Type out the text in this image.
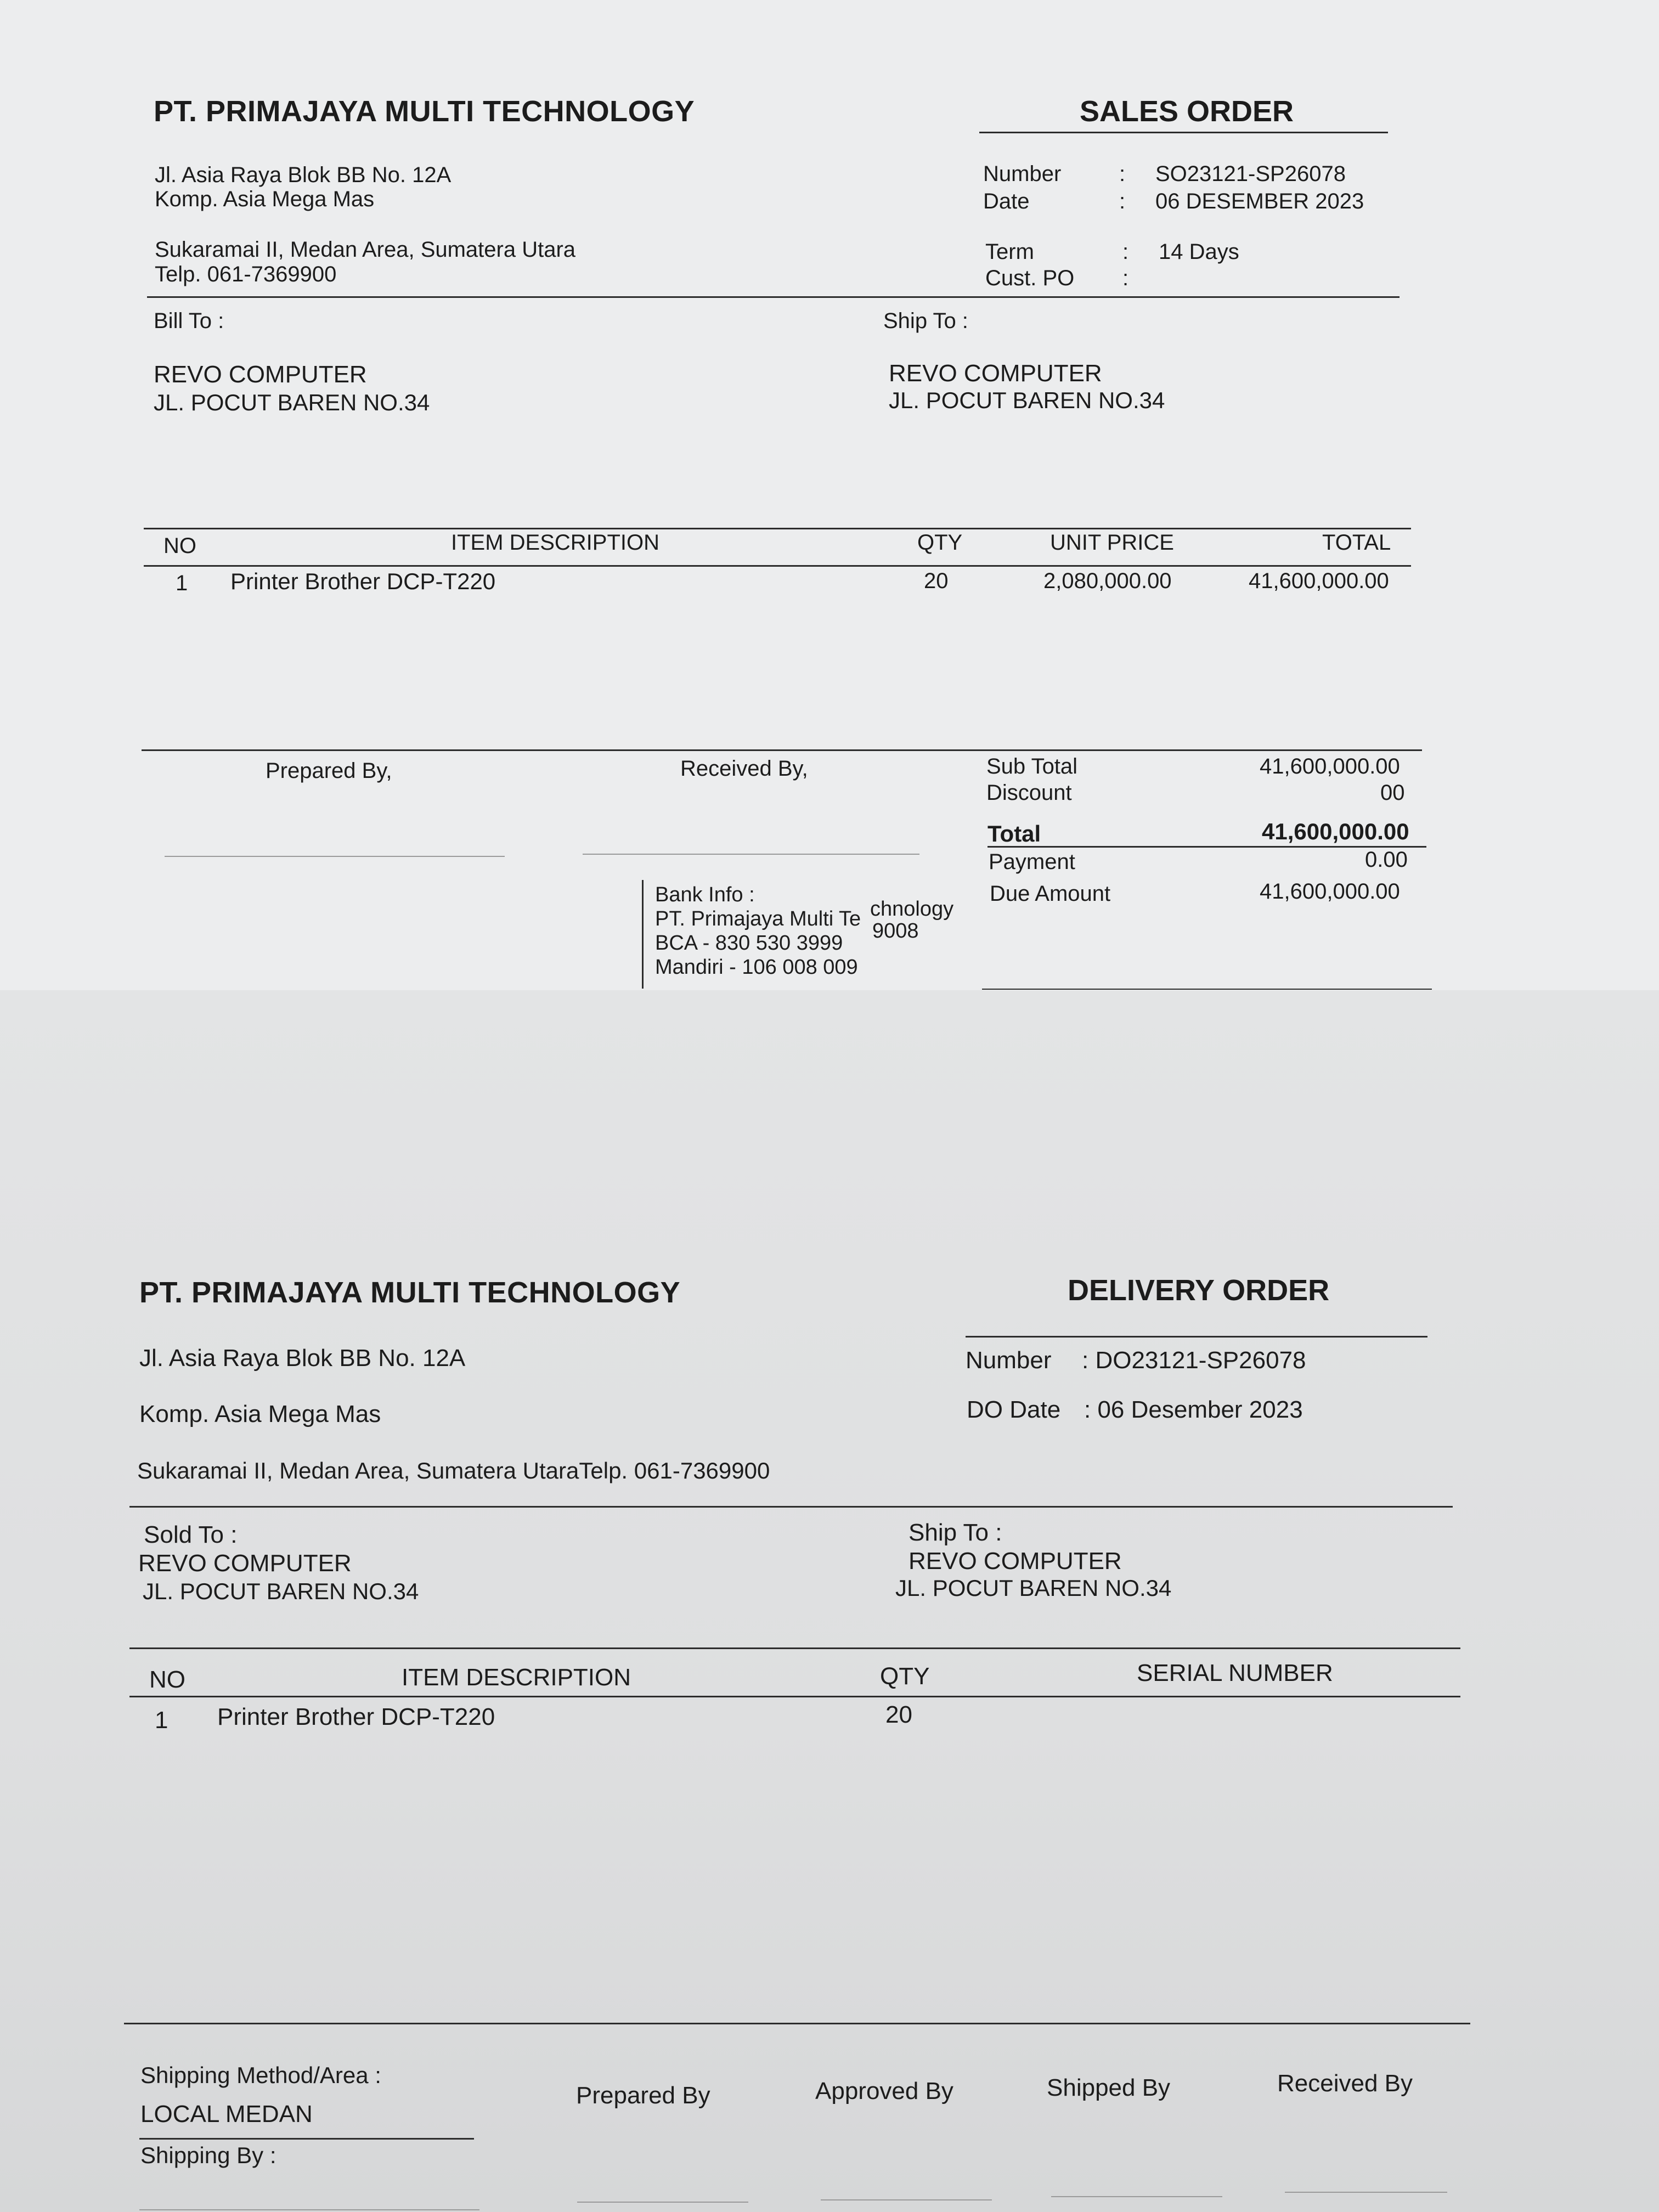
PT. PRIMAJAYA MULTI TECHNOLOGY	SALES ORDER
Jl. Asia Raya Blok BB No. 12A
Komp. Asia Mega Mas
Sukaramai II, Medan Area, Sumatera Utara
Telp. 061-7369900
Number	: SO23121-SP26078
Date	: 06 DESEMBER 2023
Term	: 14 Days
Cust. PO :
Bill To :
REVO COMPUTER
JL. POCUT BAREN NO.34
Ship To :
REVO COMPUTER
JL. POCUT BAREN NO.34
NO	ITEM DESCRIPTION	QTY	UNIT PRICE	TOTAL
1 Printer Brother DCP-T220	20	2,080,000.00	41,600,000.00
Prepared By,	Received By,	Sub Total	41,600,000.00
Discount	00
Total	41,600,000.00
Payment	0.00
Due Amount	41,600,000.00
Bank Info :
PT. Primajaya Multi Te
BCA - 830 530 3999
Mandiri - 106 008 009
chnology
9008
PT. PRIMAJAYA MULTI TECHNOLOGY	DELIVERY ORDER
Jl. Asia Raya Blok BB No. 12A
Komp. Asia Mega Mas
Sukaramai II, Medan Area, Sumatera UtaraTelp. 061-7369900
Number : DO23121-SP26078
DO Date : 06 Desember 2023
Sold To :
REVO COMPUTER
JL. POCUT BAREN NO.34
Ship To :
REVO COMPUTER
JL. POCUT BAREN NO.34
NO	ITEM DESCRIPTION	QTY	SERIAL NUMBER
1 Printer Brother DCP-T220	20
Shipping Method/Area :
LOCAL MEDAN
Shipping By :
Prepared By	Approved By	Shipped By	Received By
